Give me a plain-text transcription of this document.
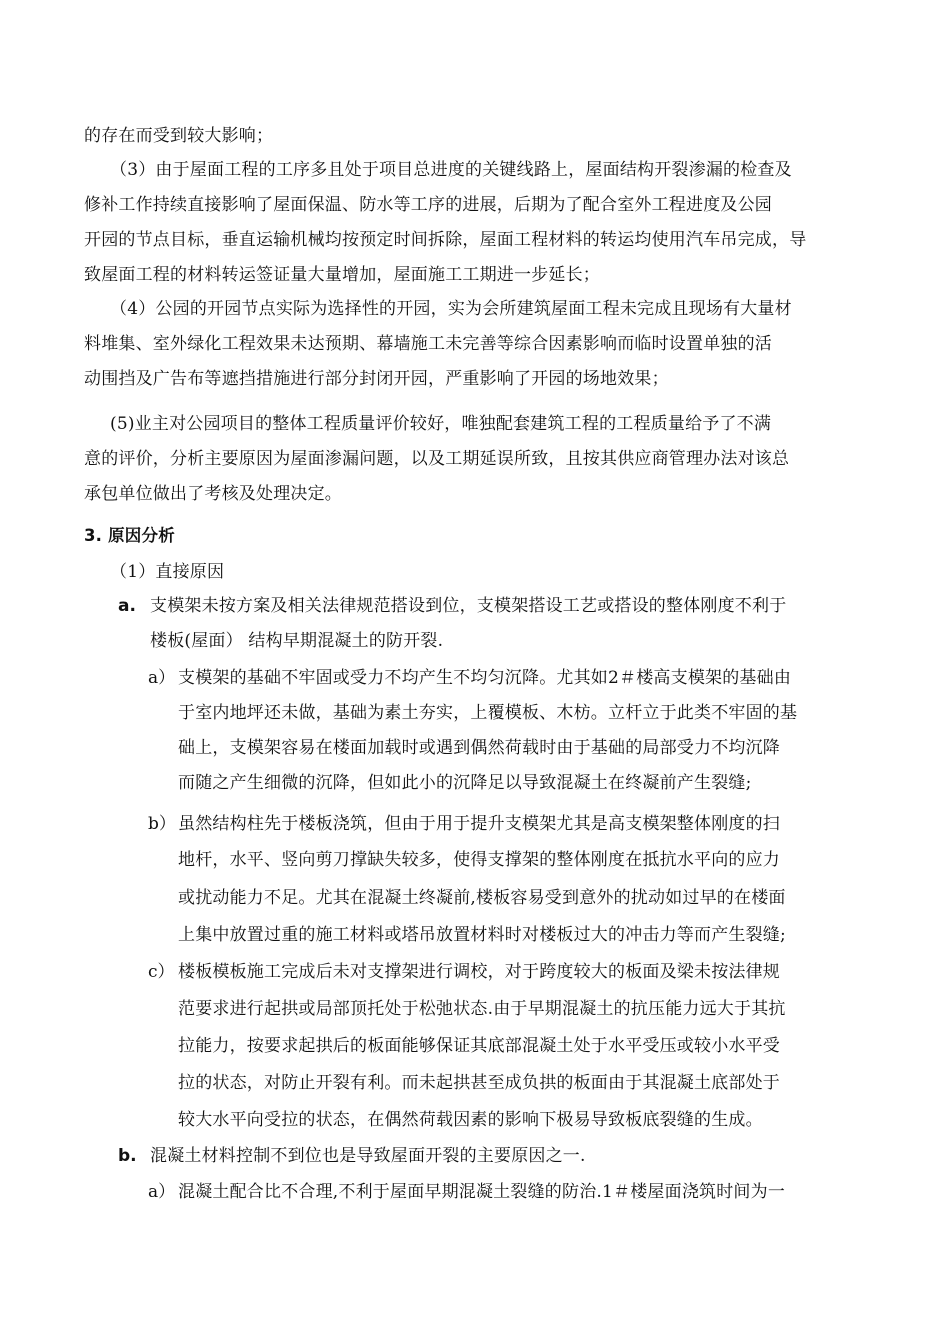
的存在而受到较大影响；
（3）由于屋面工程的工序多且处于项目总进度的关键线路上，屋面结构开裂渗漏的检查及
修补工作持续直接影响了屋面保温、防水等工序的进展，后期为了配合室外工程进度及公园
开园的节点目标，垂直运输机械均按预定时间拆除，屋面工程材料的转运均使用汽车吊完成，导
致屋面工程的材料转运签证量大量增加，屋面施工工期进一步延长；
（4）公园的开园节点实际为选择性的开园，实为会所建筑屋面工程未完成且现场有大量材
料堆集、室外绿化工程效果未达预期、幕墙施工未完善等综合因素影响而临时设置单独的活
动围挡及广告布等遮挡措施进行部分封闭开园，严重影响了开园的场地效果；
(5)业主对公园项目的整体工程质量评价较好，唯独配套建筑工程的工程质量给予了不满
意的评价，分析主要原因为屋面渗漏问题，以及工期延误所致，且按其供应商管理办法对该总
承包单位做出了考核及处理决定。
3. 原因分析
（1）直接原因
a. 支模架未按方案及相关法律规范搭设到位，支模架搭设工艺或搭设的整体刚度不利于
楼板(屋面） 结构早期混凝土的防开裂.
a） 支模架的基础不牢固或受力不均产生不均匀沉降。尤其如2＃楼高支模架的基础由
于室内地坪还未做，基础为素土夯实，上覆模板、木枋。立杆立于此类不牢固的基
础上，支模架容易在楼面加载时或遇到偶然荷载时由于基础的局部受力不均沉降
而随之产生细微的沉降，但如此小的沉降足以导致混凝土在终凝前产生裂缝;
b） 虽然结构柱先于楼板浇筑，但由于用于提升支模架尤其是高支模架整体刚度的扫
地杆，水平、竖向剪刀撑缺失较多，使得支撑架的整体刚度在抵抗水平向的应力
或扰动能力不足。尤其在混凝土终凝前,楼板容易受到意外的扰动如过早的在楼面
上集中放置过重的施工材料或塔吊放置材料时对楼板过大的冲击力等而产生裂缝;
c） 楼板模板施工完成后未对支撑架进行调校，对于跨度较大的板面及梁未按法律规
范要求进行起拱或局部顶托处于松弛状态.由于早期混凝土的抗压能力远大于其抗
拉能力，按要求起拱后的板面能够保证其底部混凝土处于水平受压或较小水平受
拉的状态，对防止开裂有利。而未起拱甚至成负拱的板面由于其混凝土底部处于
较大水平向受拉的状态，在偶然荷载因素的影响下极易导致板底裂缝的生成。
b. 混凝土材料控制不到位也是导致屋面开裂的主要原因之一.
a） 混凝土配合比不合理,不利于屋面早期混凝土裂缝的防治.1＃楼屋面浇筑时间为一
